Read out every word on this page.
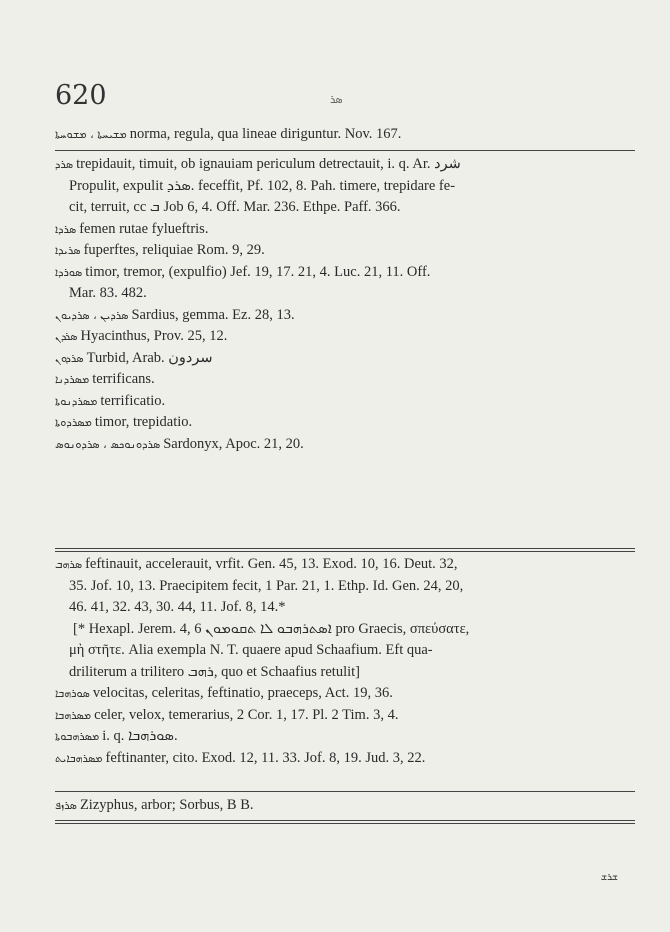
620	ܣܪ
ܡܫܝܚܬܐ ، ܡܫܘܚܬܐ norma, regula, qua lineae diriguntur. Nov. 167.
ܣܪܕ trepidauit, timuit, ob ignauiam periculum detrectauit, i. q. Ar. ﺷﺮﺩ
Propulit, expulit ܣܪܕ. feceffit, Pf. 102, 8. Pah. timere, trepidare fe-
cit, terruit, cc ܒ Job 6, 4. Off. Mar. 236. Ethpe. Paff. 366.
ܣܪܕܐ femen rutae fylueftris.
ܣܪܝܕܐ fuperftes, reliquiae Rom. 9, 29.
ܣܘܪܕܐ timor, tremor, (expulfio) Jef. 19, 17. 21, 4. Luc. 21, 11. Off.
Mar. 83. 482.
ܣܪܕܝܢ ، ܣܪܕܝܘܢ Sardius, gemma. Ez. 28, 13.
ܣܪܕܢ Hyacinthus, Prov. 25, 12.
ܣܪܕܘܢ Turbid, Arab. ﺳﺮﺩﻭﻥ
ܡܣܪܕܢܐ terrificans.
ܡܣܪܕܢܘܬܐ terrificatio.
ܡܣܪܕܘܬܐ timor, trepidatio.
ܣܪܕܘܢܘܟܣ ، ܣܪܕܘܢܘܣ Sardonyx, Apoc. 21, 20.
ܣܪܗܒ feftinauit, accelerauit, vrfit. Gen. 45, 13. Exod. 10, 16. Deut. 32,
35. Jof. 10, 13. Praecipitem fecit, 1 Par. 21, 1. Ethp. Id. Gen. 24, 20,
46. 41, 32. 43, 30. 44, 11. Jof. 8, 14.*
[* Hexapl. Jerem. 4, 6 ܐܣܬܪܗܒܘ ܠܐ ܬܩܘܡܘܢ pro Graecis, σπεύσατε,
μὴ στῆτε. Alia exempla N. T. quaere apud Schaafium. Eft qua-
driliterum a trilitero ܪܗܒ, quo et Schaafius retulit]
ܣܘܪܗܒܐ velocitas, celeritas, feftinatio, praeceps, Act. 19, 36.
ܡܣܪܗܒܐ celer, velox, temerarius, 2 Cor. 1, 17. Pl. 2 Tim. 3, 4.
ܡܣܪܗܒܘܬܐ i. q. ܣܘܪܗܒܐ.
ܡܣܪܗܒܐܝܬ feftinanter, cito. Exod. 12, 11. 33. Jof. 8, 19. Jud. 3, 22.
ܣܪܙܦ Zizyphus, arbor; Sorbus, B B.
ܫܪܫ
